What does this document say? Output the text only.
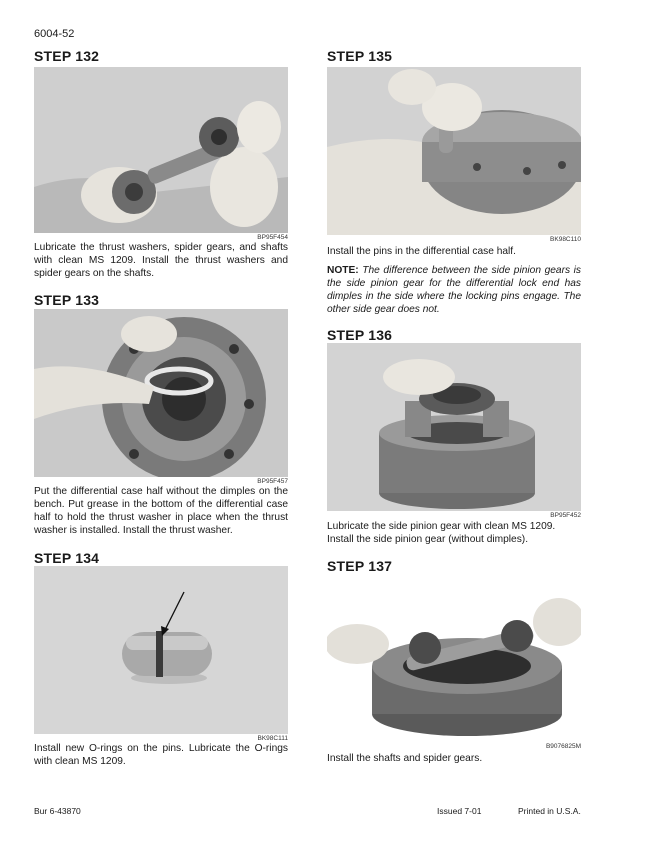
6004-52
STEP 132
BP95F454
Lubricate the thrust washers, spider gears, and shafts with clean MS 1209. Install the thrust washers and spider gears on the shafts.
STEP 133
BP95F457
Put the differential case half without the dimples on the bench. Put grease in the bottom of the differential case half to hold the thrust washer in place when the thrust washer is installed. Install the thrust washer.
STEP 134
BK98C111
Install new O-rings on the pins. Lubricate the O-rings with clean MS 1209.
STEP 135
BK98C110
Install the pins in the differential case half.
NOTE: The difference between the side pinion gears is the side pinion gear for the differential lock end has dimples in the side where the locking pins engage. The other side gear does not.
STEP 136
BP95F452
Lubricate the side pinion gear with clean MS 1209. Install the side pinion gear (without dimples).
STEP 137
B9076825M
Install the shafts and spider gears.
Bur 6-43870	Issued 7-01	Printed in U.S.A.
